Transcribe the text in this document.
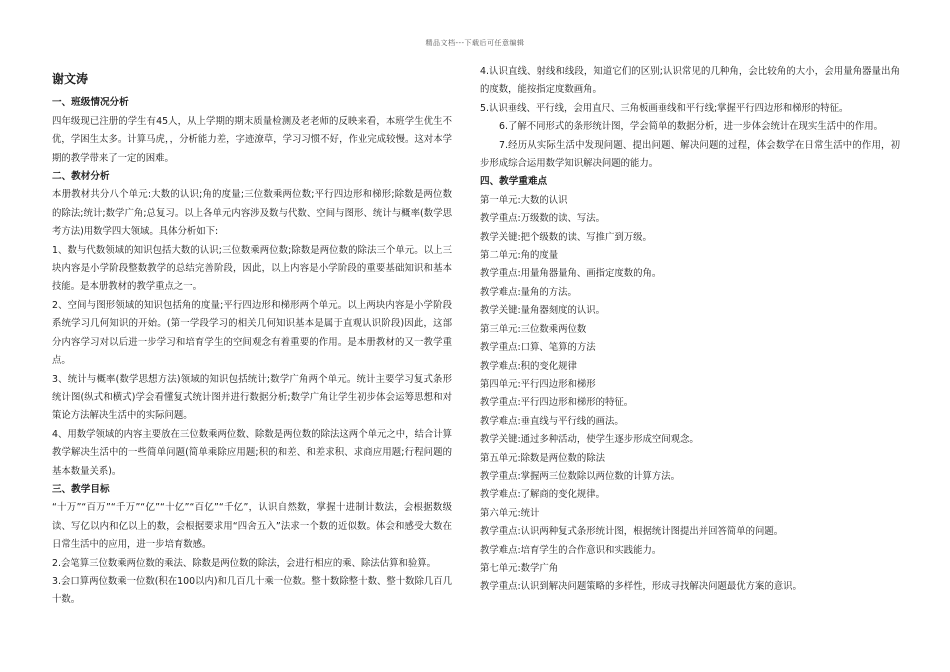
精品文档---下载后可任意编辑
谢文涛
一、班级情况分析
四年级现已注册的学生有45人，从上学期的期末质量检测及老老师的反映来看，本班学生优生不优，学困生太多。计算马虎，，分析能力差，字迹潦草，学习习惯不好，作业完成较慢。这对本学期的教学带来了一定的困难。
二、教材分析
本册教材共分八个单元:大数的认识;角的度量;三位数乘两位数;平行四边形和梯形;除数是两位数的除法;统计;数学广角;总复习。以上各单元内容涉及数与代数、空间与图形、统计与概率(数学思考方法)用数学四大领域。具体分析如下:
1、数与代数领域的知识包括大数的认识;三位数乘两位数;除数是两位数的除法三个单元。以上三块内容是小学阶段整数教学的总结完善阶段，因此，以上内容是小学阶段的重要基础知识和基本技能。是本册教材的教学重点之一。
2、空间与图形领域的知识包括角的度量;平行四边形和梯形两个单元。以上两块内容是小学阶段系统学习几何知识的开始。(第一学段学习的相关几何知识基本是属于直观认识阶段)因此，这部分内容学习对以后进一步学习和培育学生的空间观念有着重要的作用。是本册教材的又一教学重点。
3、统计与概率(数学思想方法)领域的知识包括统计;数学广角两个单元。统计主要学习复式条形统计图(纵式和横式)学会看懂复式统计图并进行数据分析;数学广角让学生初步体会运筹思想和对策论方法解决生活中的实际问题。
4、用数学领域的内容主要放在三位数乘两位数、除数是两位数的除法这两个单元之中，结合计算教学解决生活中的一些简单问题(简单乘除应用题;积的和差、和差求积、求商应用题;行程问题的基本数量关系)。
三、教学目标
“十万”“百万”“千万”“亿”“十亿”“百亿”“千亿”，认识自然数，掌握十进制计数法，会根据数级读、写亿以内和亿以上的数，会根据要求用“四舍五入”法求一个数的近似数。体会和感受大数在日常生活中的应用，进一步培育数感。
2.会笔算三位数乘两位数的乘法、除数是两位数的除法，会进行相应的乘、除法估算和验算。
3.会口算两位数乘一位数(积在100以内)和几百几十乘一位数。整十数除整十数、整十数除几百几十数。
4.认识直线、射线和线段，知道它们的区别;认识常见的几种角，会比较角的大小，会用量角器量出角的度数，能按指定度数画角。
5.认识垂线、平行线，会用直尺、三角板画垂线和平行线;掌握平行四边形和梯形的特征。
6.了解不同形式的条形统计图，学会简单的数据分析，进一步体会统计在现实生活中的作用。
7.经历从实际生活中发现问题、提出问题、解决问题的过程，体会数学在日常生活中的作用，初步形成综合运用数学知识解决问题的能力。
四、教学重难点
第一单元:大数的认识
教学重点:万级数的读、写法。
教学关键:把个级数的读、写推广到万级。
第二单元:角的度量
教学重点:用量角器量角、画指定度数的角。
教学难点:量角的方法。
教学关键:量角器刻度的认识。
第三单元:三位数乘两位数
教学重点:口算、笔算的方法
教学难点:积的变化规律
第四单元:平行四边形和梯形
教学重点:平行四边形和梯形的特征。
教学难点:垂直线与平行线的画法。
教学关键:通过多种活动，使学生逐步形成空间观念。
第五单元:除数是两位数的除法
教学重点:掌握两三位数除以两位数的计算方法。
教学难点:了解商的变化规律。
第六单元:统计
教学重点:认识两种复式条形统计图，根据统计图提出并回答简单的问题。
教学难点:培育学生的合作意识和实践能力。
第七单元:数学广角
教学重点:认识到解决问题策略的多样性，形成寻找解决问题最优方案的意识。
